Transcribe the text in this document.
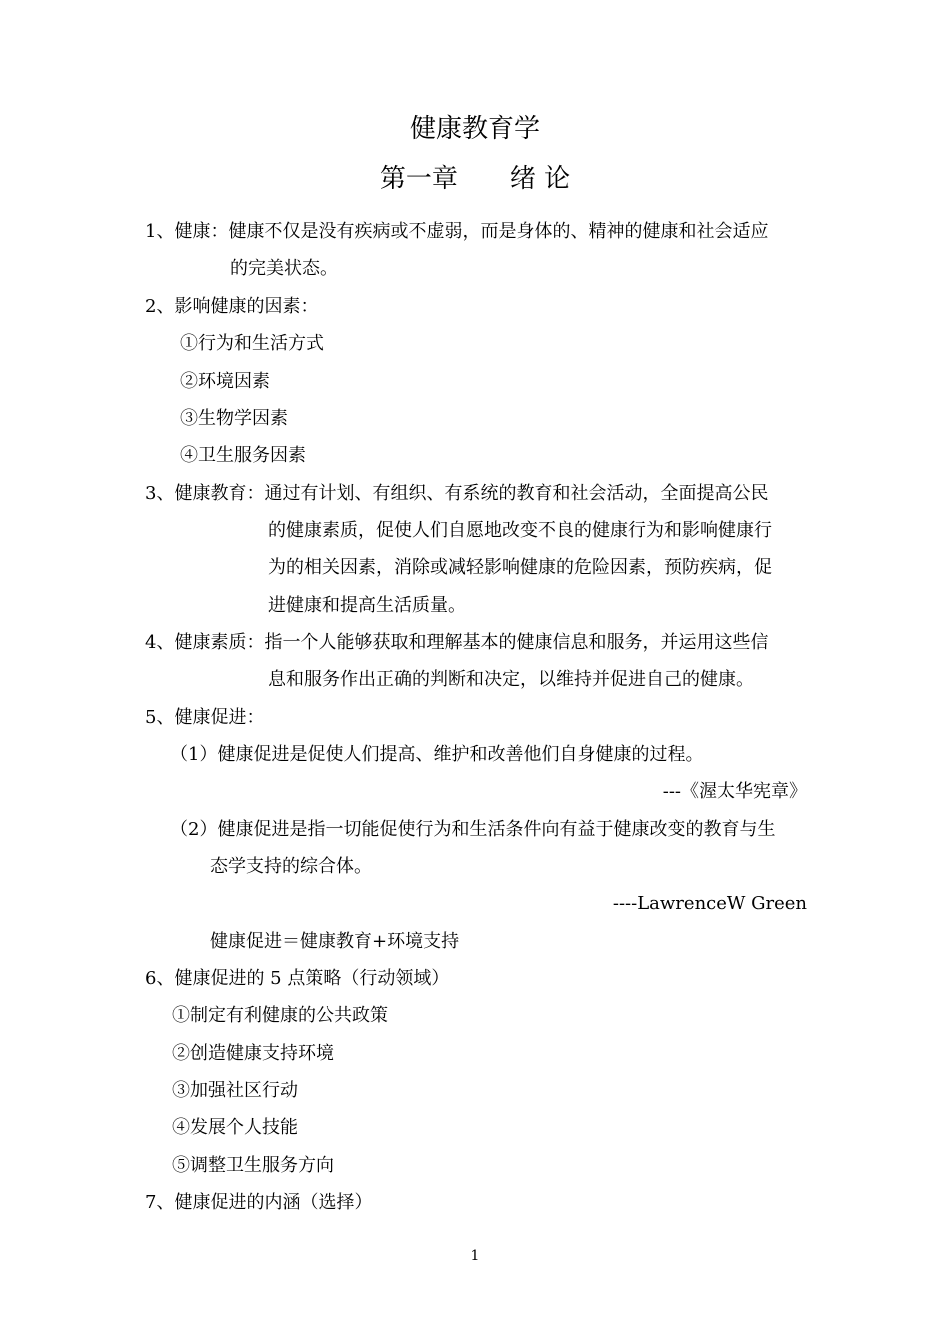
健康教育学
第一章　　绪 论
1、健康：健康不仅是没有疾病或不虚弱，而是身体的、精神的健康和社会适应
的完美状态。
2、影响健康的因素：
①行为和生活方式
②环境因素
③生物学因素
④卫生服务因素
3、健康教育：通过有计划、有组织、有系统的教育和社会活动，全面提高公民
的健康素质，促使人们自愿地改变不良的健康行为和影响健康行
为的相关因素，消除或减轻影响健康的危险因素，预防疾病，促
进健康和提高生活质量。
4、健康素质：指一个人能够获取和理解基本的健康信息和服务，并运用这些信
息和服务作出正确的判断和决定，以维持并促进自己的健康。
5、健康促进：
（1）健康促进是促使人们提高、维护和改善他们自身健康的过程。
---《渥太华宪章》
（2）健康促进是指一切能促使行为和生活条件向有益于健康改变的教育与生
态学支持的综合体。
----LawrenceW Green
健康促进＝健康教育+环境支持
6、健康促进的 5 点策略（行动领域）
①制定有利健康的公共政策
②创造健康支持环境
③加强社区行动
④发展个人技能
⑤调整卫生服务方向
7、健康促进的内涵（选择）
1
